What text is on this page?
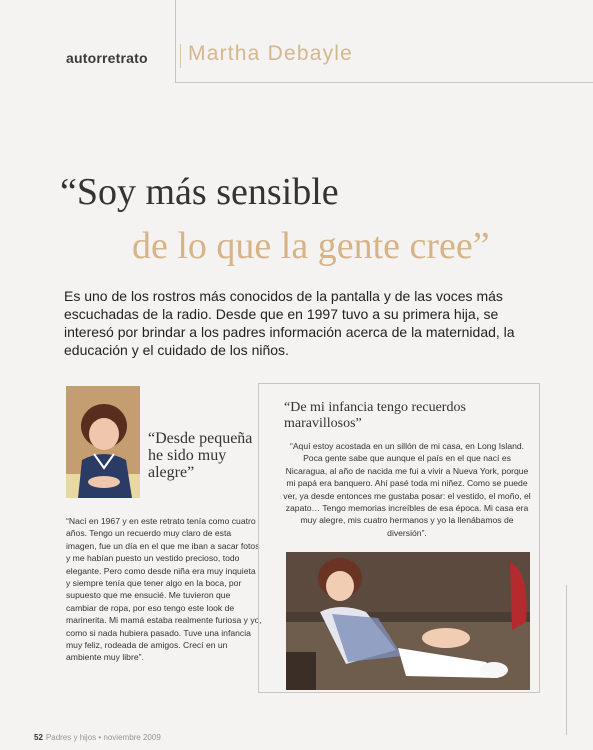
autorretrato Martha Debayle
“Soy más sensible
de lo que la gente cree”

Es uno de los rostros más conocidos de la pantalla y de las voces más escuchadas de la radio. Desde que en 1997 tuvo a su primera hija, se interesó por brindar a los padres información acerca de la maternidad, la educación y el cuidado de los niños.

“Desde pequeña he sido muy alegre”

“Nací en 1967 y en este retrato tenía como cuatro años. Tengo un recuerdo muy claro de esta imagen, fue un día en el que me iban a sacar fotos y me habían puesto un vestido precioso, todo elegante. Pero como desde niña era muy inquieta y siempre tenía que tener algo en la boca, por supuesto que me ensucié. Me tuvieron que cambiar de ropa, por eso tengo este look de marinerita. Mi mamá estaba realmente furiosa y yo, como si nada hubiera pasado. Tuve una infancia muy feliz, rodeada de amigos. Crecí en un ambiente muy libre”.

“De mi infancia tengo recuerdos maravillosos”

“Aquí estoy acostada en un sillón de mi casa, en Long Island. Poca gente sabe que aunque el país en el que nací es Nicaragua, al año de nacida me fui a vivir a Nueva York, porque mi papá era banquero. Ahí pasé toda mi niñez. Como se puede ver, ya desde entonces me gustaba posar: el vestido, el moño, el zapato… Tengo memorias increíbles de esa época. Mi casa era muy alegre, mis cuatro hermanos y yo la llenábamos de diversión”.

52 Padres y hijos • noviembre 2009
